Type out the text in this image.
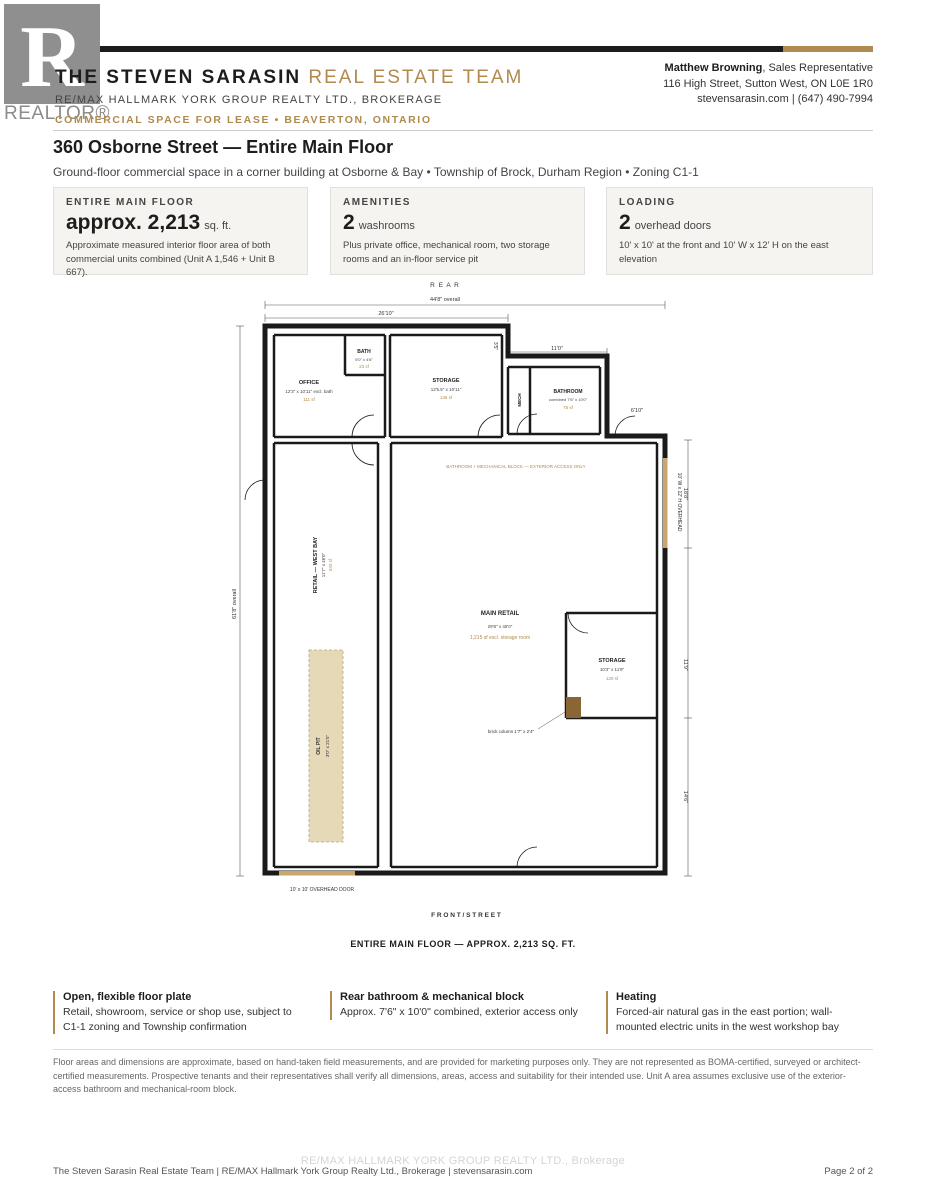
R
REALTOR®
THE STEVEN SARASIN REAL ESTATE TEAM
RE/MAX HALLMARK YORK GROUP REALTY LTD., BROKERAGE
COMMERCIAL SPACE FOR LEASE • BEAVERTON, ONTARIO
Matthew Browning, Sales Representative
116 High Street, Sutton West, ON L0E 1R0
stevensarasin.com | (647) 490-7994
360 Osborne Street — Entire Main Floor
Ground-floor commercial space in a corner building at Osborne & Bay • Township of Brock, Durham Region • Zoning C1-1
ENTIRE MAIN FLOOR
approx. 2,213 sq. ft.
Approximate measured interior floor area of both commercial units combined (Unit A 1,546 + Unit B 667).
AMENITIES
2 washrooms
Plus private office, mechanical room, two storage rooms and an in-floor service pit
LOADING
2 overhead doors
10' x 10' at the front and 10' W x 12' H on the east elevation
R E A R
44'8" overall
26'10"
11'0"
3'5"
6'10"
61'8" overall
18'8"
11'9"
14'6"
10' W x 12' H OVERHEAD
10' x 10' OVERHEAD DOOR
OIL PIT 3'0" x 21'5"
brick column 1'7" x 2'4"
BATH
5'0" x 4'6"
23 sf
OFFICE
12'3" x 10'11" excl. bath
111 sf
STORAGE
12'5.5" x 10'11"
136 sf	MECH
BATHROOM
combined 7'6" x 10'0"
75 sf
BATHROOM + MECHANICAL BLOCK — EXTERIOR ACCESS ONLY
RETAIL — WEST BAY 11'7" x 46'0" 533 sf
MAIN RETAIL
29'8" x 45'0"
1,215 sf excl. storage room
STORAGE
10'3" x 11'9"
120 sf
F R O N T / S T R E E T
ENTIRE MAIN FLOOR — APPROX. 2,213 SQ. FT.
Open, flexible floor plate
Retail, showroom, service or shop use, subject to C1-1 zoning and Township confirmation
Rear bathroom & mechanical block
Approx. 7'6" x 10'0" combined, exterior access only
Heating
Forced-air natural gas in the east portion; wall-mounted electric units in the west workshop bay
Floor areas and dimensions are approximate, based on hand-taken field measurements, and are provided for marketing purposes only. They are not represented as BOMA-certified, surveyed or architect-certified measurements. Prospective tenants and their representatives shall verify all dimensions, areas, access and suitability for their intended use. Unit A area assumes exclusive use of the exterior-access bathroom and mechanical-room block.
RE/MAX HALLMARK YORK GROUP REALTY LTD., Brokerage
The Steven Sarasin Real Estate Team | RE/MAX Hallmark York Group Realty Ltd., Brokerage | stevensarasin.com	Page 2 of 2
